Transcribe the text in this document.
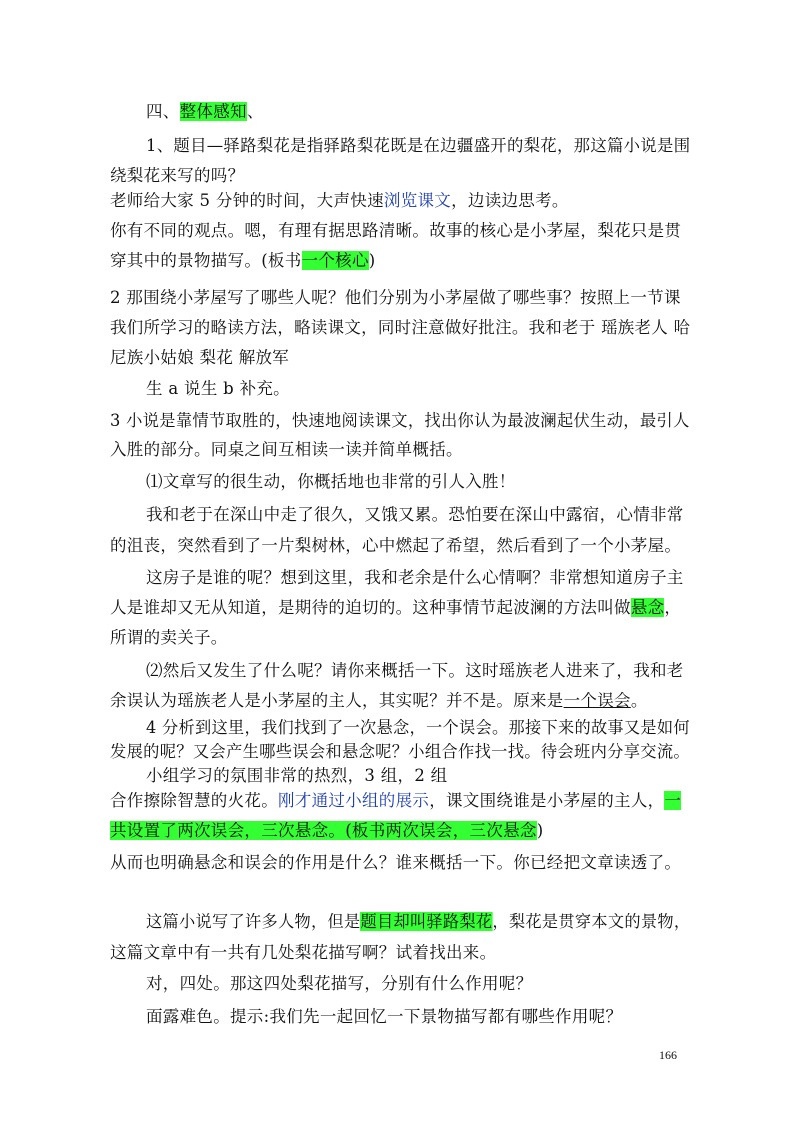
四、整体感知、
1、题目—驿路梨花是指驿路梨花既是在边疆盛开的梨花，那这篇小说是围
绕梨花来写的吗？
老师给大家 5 分钟的时间，大声快速浏览课文，边读边思考。
你有不同的观点。嗯，有理有据思路清晰。故事的核心是小茅屋，梨花只是贯
穿其中的景物描写。(板书一个核心)
2 那围绕小茅屋写了哪些人呢？他们分别为小茅屋做了哪些事？按照上一节课
我们所学习的略读方法，略读课文，同时注意做好批注。我和老于 瑶族老人 哈
尼族小姑娘 梨花 解放军
生 a 说生 b 补充。
3 小说是靠情节取胜的，快速地阅读课文，找出你认为最波澜起伏生动，最引人
入胜的部分。同桌之间互相读一读并简单概括。
⑴文章写的很生动，你概括地也非常的引人入胜！
我和老于在深山中走了很久，又饿又累。恐怕要在深山中露宿，心情非常
的沮丧，突然看到了一片梨树林，心中燃起了希望，然后看到了一个小茅屋。
这房子是谁的呢？想到这里，我和老余是什么心情啊？非常想知道房子主
人是谁却又无从知道，是期待的迫切的。这种事情节起波澜的方法叫做悬念，
所谓的卖关子。
⑵然后又发生了什么呢？请你来概括一下。这时瑶族老人进来了，我和老
余误认为瑶族老人是小茅屋的主人，其实呢？并不是。原来是一个误会。
4 分析到这里，我们找到了一次悬念，一个误会。那接下来的故事又是如何
发展的呢？又会产生哪些误会和悬念呢？小组合作找一找。待会班内分享交流。
小组学习的氛围非常的热烈，3 组，2 组
合作擦除智慧的火花。刚才通过小组的展示，课文围绕谁是小茅屋的主人，一
共设置了两次误会，三次悬念。(板书两次误会，三次悬念)
从而也明确悬念和误会的作用是什么？谁来概括一下。你已经把文章读透了。
这篇小说写了许多人物，但是题目却叫驿路梨花，梨花是贯穿本文的景物，
这篇文章中有一共有几处梨花描写啊？试着找出来。
对，四处。那这四处梨花描写，分别有什么作用呢？
面露难色。提示:我们先一起回忆一下景物描写都有哪些作用呢？
166
